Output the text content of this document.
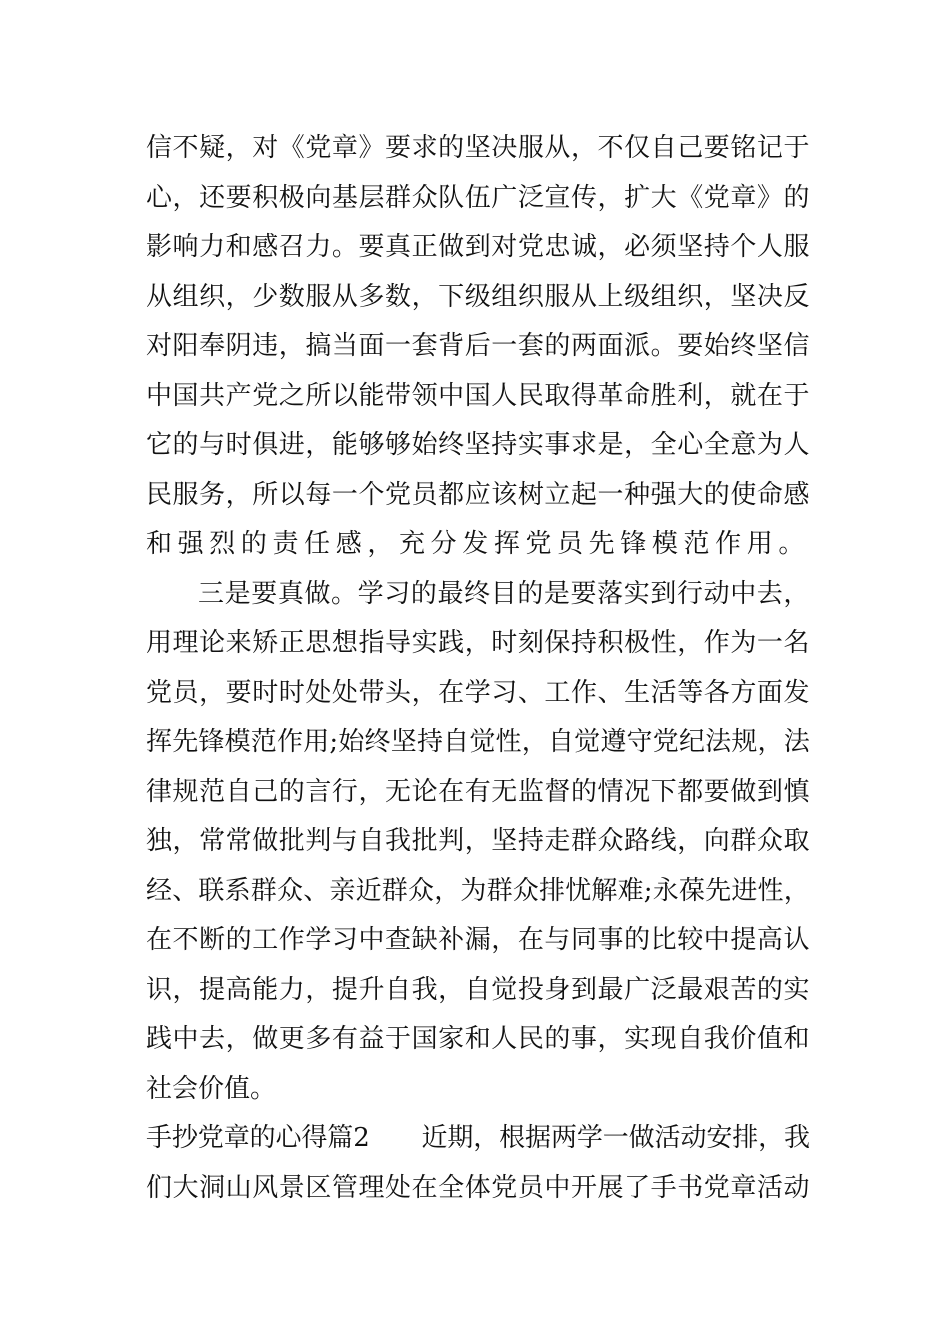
信不疑，对《党章》要求的坚决服从，不仅自己要铭记于
心，还要积极向基层群众队伍广泛宣传，扩大《党章》的
影响力和感召力。要真正做到对党忠诚，必须坚持个人服
从组织，少数服从多数，下级组织服从上级组织，坚决反
对阳奉阴违，搞当面一套背后一套的两面派。要始终坚信
中国共产党之所以能带领中国人民取得革命胜利，就在于
它的与时俱进，能够够始终坚持实事求是，全心全意为人
民服务，所以每一个党员都应该树立起一种强大的使命感
和强烈的责任感，充分发挥党员先锋模范作用。
三是要真做。学习的最终目的是要落实到行动中去，
用理论来矫正思想指导实践，时刻保持积极性，作为一名
党员，要时时处处带头，在学习、工作、生活等各方面发
挥先锋模范作用;始终坚持自觉性，自觉遵守党纪法规，法
律规范自己的言行，无论在有无监督的情况下都要做到慎
独，常常做批判与自我批判，坚持走群众路线，向群众取
经、联系群众、亲近群众，为群众排忧解难;永葆先进性，
在不断的工作学习中查缺补漏，在与同事的比较中提高认
识，提高能力，提升自我，自觉投身到最广泛最艰苦的实
践中去，做更多有益于国家和人民的事，实现自我价值和
社会价值。
手抄党章的心得篇2　　近期，根据两学一做活动安排，我
们大洞山风景区管理处在全体党员中开展了手书党章活动
